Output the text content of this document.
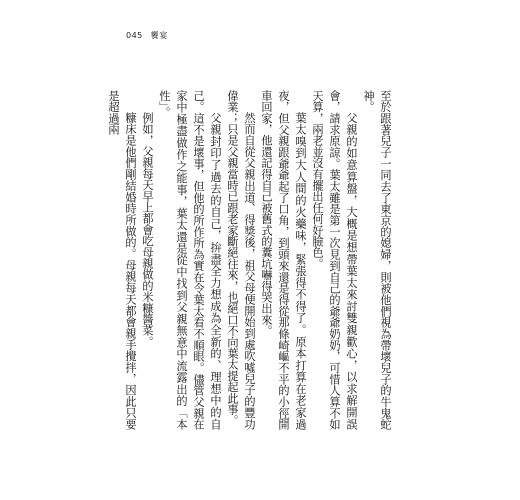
045 饗宴

至於跟著兒子一同去了東京的媳婦，則被他們視為帶壞兒子的牛鬼蛇神。

父親的如意算盤，大概是想帶葉太來討雙親歡心，以求解開誤會，請求原諒。葉太雖是第一次見到自己的爺爺奶奶，可惜人算不如天算，兩老並沒有擺出任何好臉色。

葉太嗅到大人間的火藥味，緊張得不得了。原本打算在老家過夜，但父親跟爺爺起了口角，到頭來還是得從那條崎嶇不平的小徑開車回家，他還記得自己被舊式的糞坑嚇得哭出來。

然而自從父親出道、得獎後，祖父母便開始到處吹噓兒子的豐功偉業；只是父親當時已跟老家斷絕往來，也絕口不向葉太提起此事。

父親封印了過去的自己，拚盡全力想成為全新的、理想中的自己。這不是壞事，但他的所作所為實在令葉太看不順眼。儘管父親在家中極盡做作之能事，葉太還是從中找到父親無意中流露出的「本性」。

例如，父親每天早上都會吃母親做的米糠醬菜。

糠床是他們剛結婚時所做的。母親每天都會親手攪拌，因此只要是超過兩
